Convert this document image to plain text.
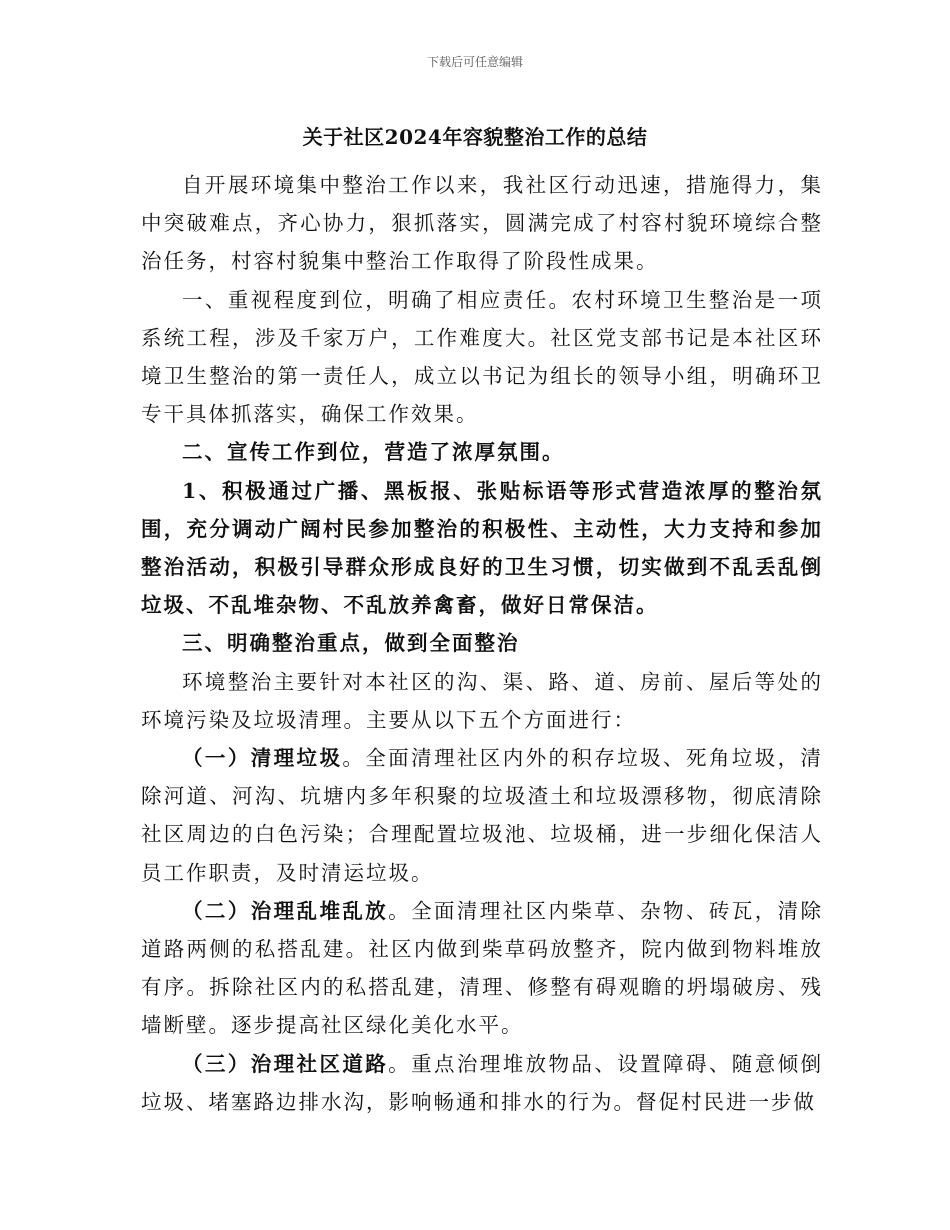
下载后可任意编辑
关于社区2024年容貌整治工作的总结

自开展环境集中整治工作以来，我社区行动迅速，措施得力，集中突破难点，齐心协力，狠抓落实，圆满完成了村容村貌环境综合整治任务，村容村貌集中整治工作取得了阶段性成果。

一、重视程度到位，明确了相应责任。农村环境卫生整治是一项系统工程，涉及千家万户，工作难度大。社区党支部书记是本社区环境卫生整治的第一责任人，成立以书记为组长的领导小组，明确环卫专干具体抓落实，确保工作效果。

二、宣传工作到位，营造了浓厚氛围。

1、积极通过广播、黑板报、张贴标语等形式营造浓厚的整治氛围，充分调动广阔村民参加整治的积极性、主动性，大力支持和参加整治活动，积极引导群众形成良好的卫生习惯，切实做到不乱丢乱倒垃圾、不乱堆杂物、不乱放养禽畜，做好日常保洁。

三、明确整治重点，做到全面整治

环境整治主要针对本社区的沟、渠、路、道、房前、屋后等处的环境污染及垃圾清理。主要从以下五个方面进行：

（一）清理垃圾。全面清理社区内外的积存垃圾、死角垃圾，清除河道、河沟、坑塘内多年积聚的垃圾渣土和垃圾漂移物，彻底清除社区周边的白色污染；合理配置垃圾池、垃圾桶，进一步细化保洁人员工作职责，及时清运垃圾。

（二）治理乱堆乱放。全面清理社区内柴草、杂物、砖瓦，清除道路两侧的私搭乱建。社区内做到柴草码放整齐，院内做到物料堆放有序。拆除社区内的私搭乱建，清理、修整有碍观瞻的坍塌破房、残墙断壁。逐步提高社区绿化美化水平。

（三）治理社区道路。重点治理堆放物品、设置障碍、随意倾倒垃圾、堵塞路边排水沟，影响畅通和排水的行为。督促村民进一步做
